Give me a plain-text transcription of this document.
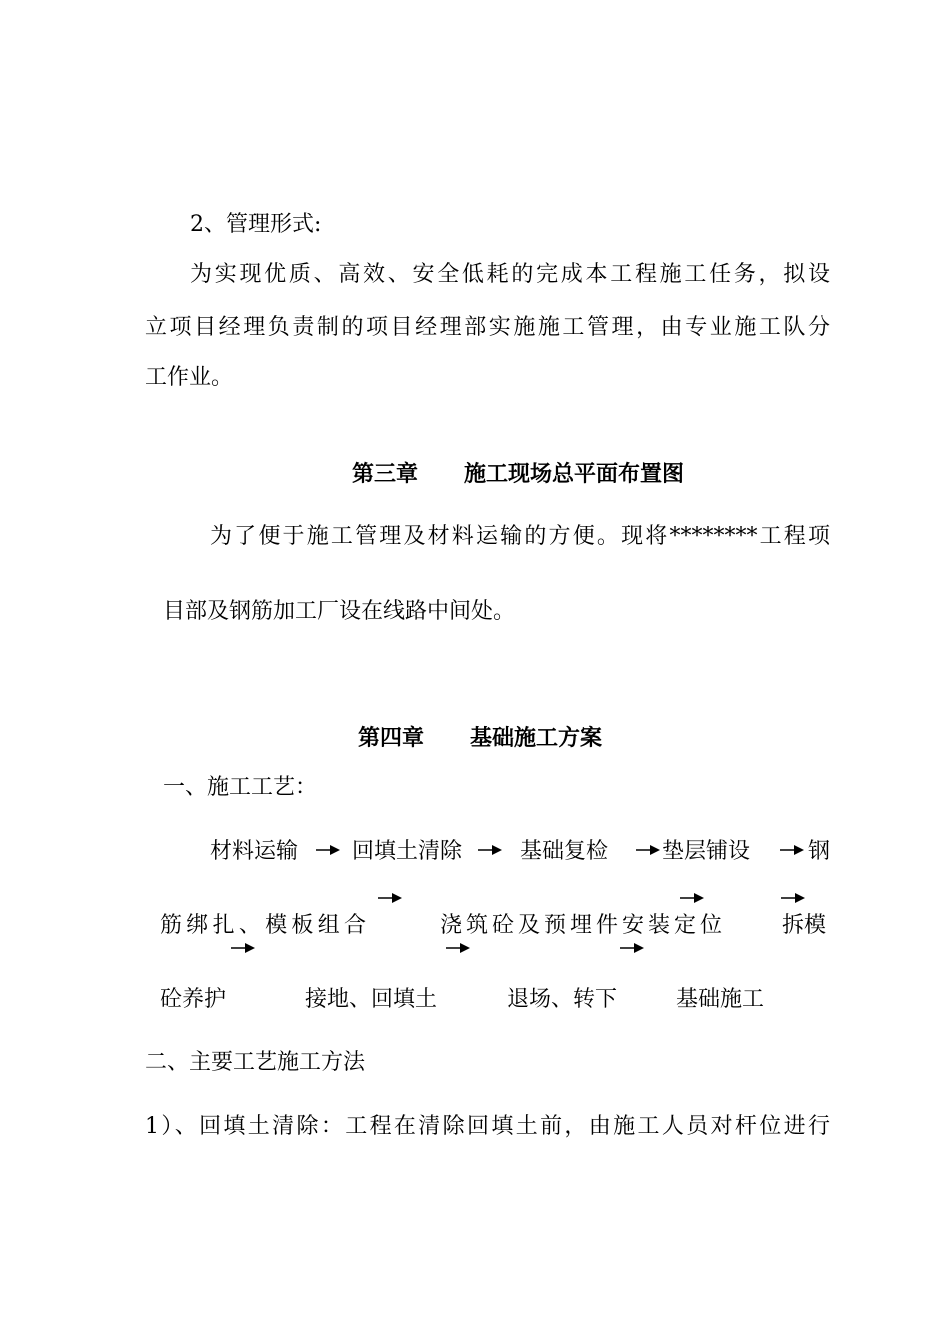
2、管理形式:

为实现优质、高效、安全低耗的完成本工程施工任务，拟设

立项目经理负责制的项目经理部实施施工管理，由专业施工队分

工作业。

第三章      施工现场总平面布置图

为了便于施工管理及材料运输的方便。现将********工程项

目部及钢筋加工厂设在线路中间处。

第四章      基础施工方案

一、施工工艺：

材料运输 回填土清除	基础复检 垫层铺设	钢
筋绑扎、模板组合	浇筑砼及预埋件安装定位	拆模
砼养护	接地、回填土	退场、转下	基础施工

二、主要工艺施工方法

1）、回填土清除：工程在清除回填土前，由施工人员对杆位进行
